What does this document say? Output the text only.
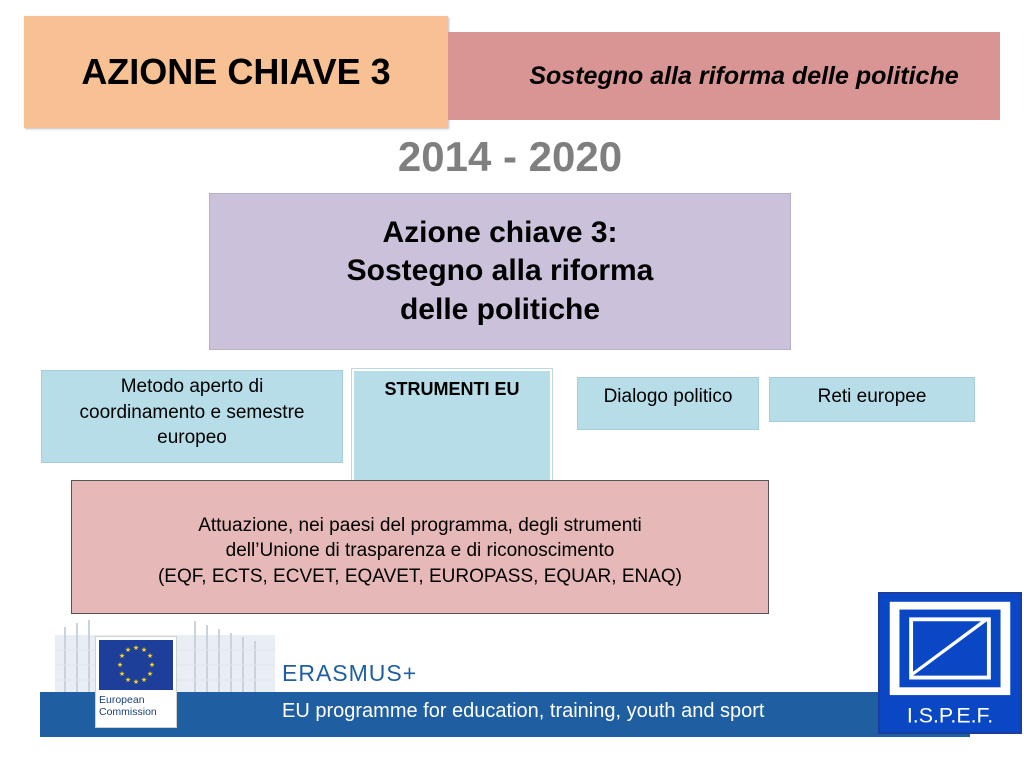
AZIONE CHIAVE 3	Sostegno alla riforma delle politiche
2014 - 2020
Azione chiave 3:
Sostegno alla riforma
delle politiche
Metodo aperto di
coordinamento e semestre
europeo
STRUMENTI EU	Dialogo politico	Reti europee
Attuazione, nei paesi del programma, degli strumenti
dell’Unione di trasparenza e di riconoscimento
(EQF, ECTS, ECVET, EQAVET, EUROPASS, EQUAR, ENAQ)
EU programme for education, training, youth and sport
ERASMUS+
★ ★
★
★
★
★
★
★
★
★
★
★
European
Commission	I.S.P.E.F.
